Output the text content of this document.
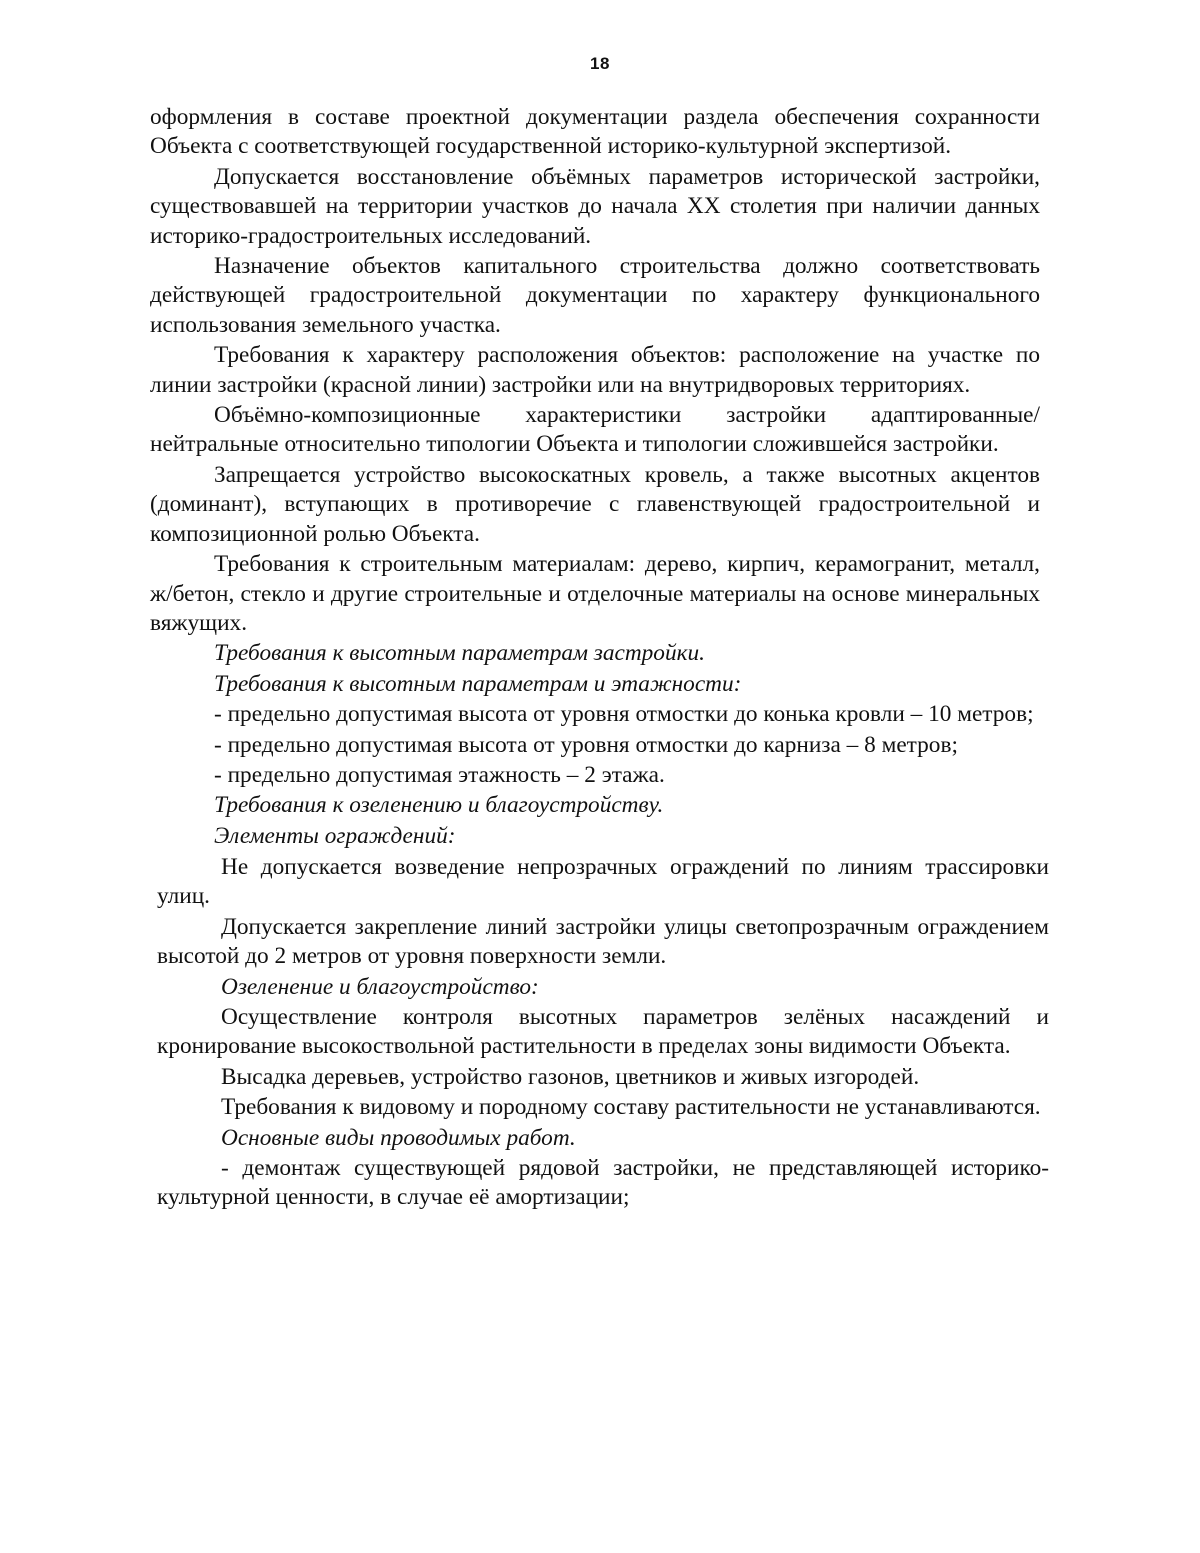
18

оформления в составе проектной документации раздела обеспечения сохранности Объекта с соответствующей государственной историко-культурной экспертизой.

Допускается восстановление объёмных параметров исторической застройки, существовавшей на территории участков до начала XX столетия при наличии данных историко-градостроительных исследований.

Назначение объектов капитального строительства должно соответствовать действующей градостроительной документации по характеру функционального использования земельного участка.

Требования к характеру расположения объектов: расположение на участке по линии застройки (красной линии) застройки или на внутридворовых территориях.

Объёмно-композиционные характеристики застройки адаптированные/ нейтральные относительно типологии Объекта и типологии сложившейся застройки.

Запрещается устройство высокоскатных кровель, а также высотных акцентов (доминант), вступающих в противоречие с главенствующей градостроительной и композиционной ролью Объекта.

Требования к строительным материалам: дерево, кирпич, керамогранит, металл, ж/бетон, стекло и другие строительные и отделочные материалы на основе минеральных вяжущих.

Требования к высотным параметрам застройки.

Требования к высотным параметрам и этажности:

- предельно допустимая высота от уровня отмостки до конька кровли – 10 метров;

- предельно допустимая высота от уровня отмостки до карниза – 8 метров;

- предельно допустимая этажность – 2 этажа.

Требования к озеленению и благоустройству.

Элементы ограждений:

Не допускается возведение непрозрачных ограждений по линиям трассировки улиц.

Допускается закрепление линий застройки улицы светопрозрачным ограждением высотой до 2 метров от уровня поверхности земли.

Озеленение и благоустройство:

Осуществление контроля высотных параметров зелёных насаждений и кронирование высокоствольной растительности в пределах зоны видимости Объекта.

Высадка деревьев, устройство газонов, цветников и живых изгородей.

Требования к видовому и породному составу растительности не устанавливаются.

Основные виды проводимых работ.

- демонтаж существующей рядовой застройки, не представляющей историко-культурной ценности, в случае её амортизации;
